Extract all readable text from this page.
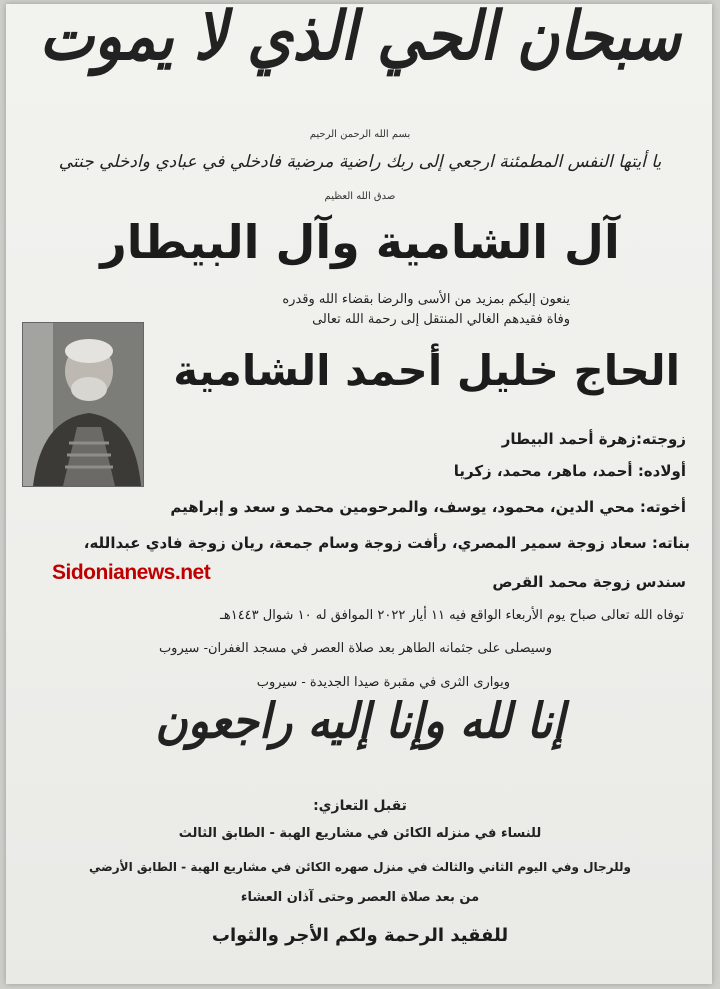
سبحان الحي الذي لا يموت
بسم الله الرحمن الرحيم
يا أيتها النفس المطمئنة ارجعي إلى ربك راضية مرضية فادخلي في عبادي وادخلي جنتي
صدق الله العظيم
آل الشامية وآل البيطار
ينعون إليكم بمزيد من الأسى والرضا بقضاء الله وقدره
وفاة فقيدهم الغالي المنتقل إلى رحمة الله تعالى
الحاج خليل أحمد الشامية
زوجته:زهرة أحمد البيطار
أولاده: أحمد، ماهر، محمد، زكريا
أخوته: محي الدين، محمود، يوسف، والمرحومين محمد و سعد و إبراهيم
بناته: سعاد زوجة سمير المصري، رأفت زوجة وسام جمعة، ريان زوجة فادي عبدالله،
سندس زوجة محمد القرص
Sidonianews.net
توفاه الله تعالى صباح يوم الأربعاء الواقع فيه ١١ أيار ٢٠٢٢ الموافق له ١٠ شوال ١٤٤٣هـ
وسيصلى على جثمانه الطاهر بعد صلاة العصر في مسجد الغفران- سيروب
ويوارى الثرى في مقبرة صيدا الجديدة - سيروب
إنا لله وإنا إليه راجعون
تقبل التعازي:
للنساء في منزله الكائن في مشاريع الهبة - الطابق الثالث
وللرجال وفي اليوم الثاني والثالث في منزل صهره الكائن في مشاريع الهبة - الطابق الأرضي
من بعد صلاة العصر وحتى آذان العشاء
للفقيد الرحمة ولكم الأجر والثواب
